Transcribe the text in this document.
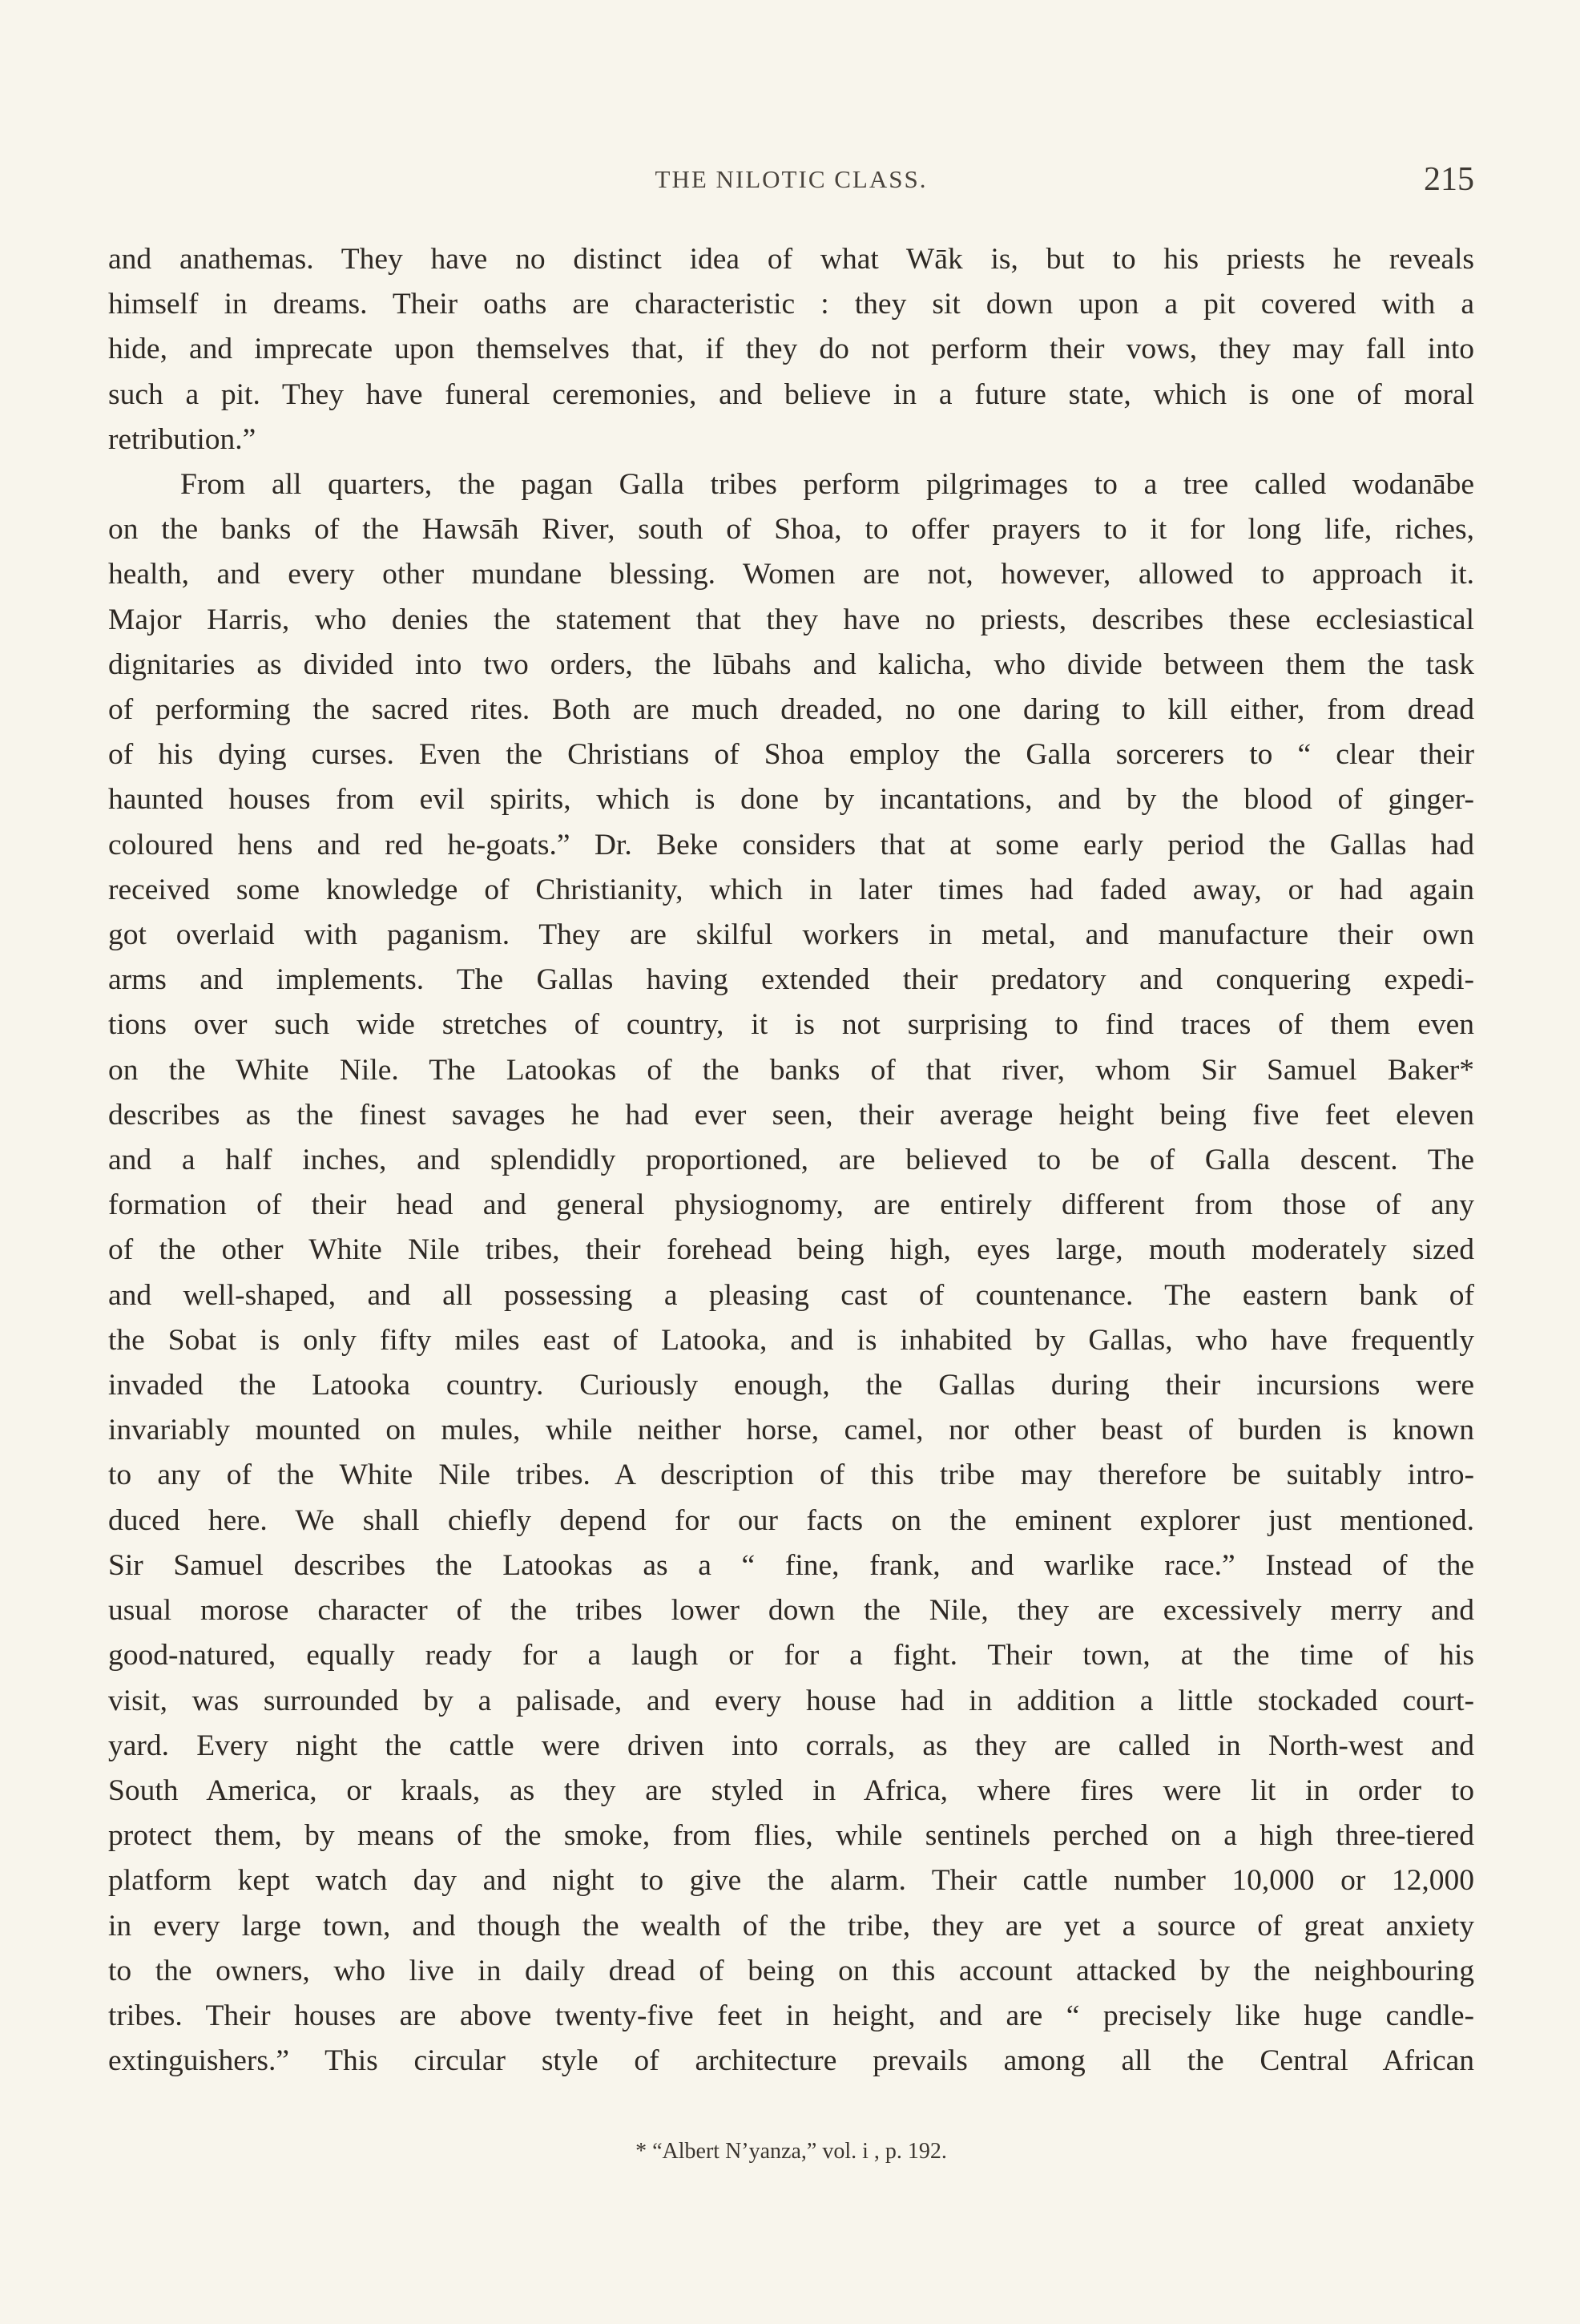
THE NILOTIC CLASS.	215
and anathemas. They have no distinct idea of what Wāk is, but to his priests he reveals
himself in dreams. Their oaths are characteristic : they sit down upon a pit covered with a
hide, and imprecate upon themselves that, if they do not perform their vows, they may fall into
such a pit. They have funeral ceremonies, and believe in a future state, which is one of moral
retribution.”
From all quarters, the pagan Galla tribes perform pilgrimages to a tree called wodanābe
on the banks of the Hawsāh River, south of Shoa, to offer prayers to it for long life, riches,
health, and every other mundane blessing. Women are not, however, allowed to approach it.
Major Harris, who denies the statement that they have no priests, describes these ecclesiastical
dignitaries as divided into two orders, the lūbahs and kalicha, who divide between them the task
of performing the sacred rites. Both are much dreaded, no one daring to kill either, from dread
of his dying curses. Even the Christians of Shoa employ the Galla sorcerers to “ clear their
haunted houses from evil spirits, which is done by incantations, and by the blood of ginger-
coloured hens and red he-goats.” Dr. Beke considers that at some early period the Gallas had
received some knowledge of Christianity, which in later times had faded away, or had again
got overlaid with paganism. They are skilful workers in metal, and manufacture their own
arms and implements. The Gallas having extended their predatory and conquering expedi-
tions over such wide stretches of country, it is not surprising to find traces of them even
on the White Nile. The Latookas of the banks of that river, whom Sir Samuel Baker*
describes as the finest savages he had ever seen, their average height being five feet eleven
and a half inches, and splendidly proportioned, are believed to be of Galla descent. The
formation of their head and general physiognomy, are entirely different from those of any
of the other White Nile tribes, their forehead being high, eyes large, mouth moderately sized
and well-shaped, and all possessing a pleasing cast of countenance. The eastern bank of
the Sobat is only fifty miles east of Latooka, and is inhabited by Gallas, who have frequently
invaded the Latooka country. Curiously enough, the Gallas during their incursions were
invariably mounted on mules, while neither horse, camel, nor other beast of burden is known
to any of the White Nile tribes. A description of this tribe may therefore be suitably intro-
duced here. We shall chiefly depend for our facts on the eminent explorer just mentioned.
Sir Samuel describes the Latookas as a “ fine, frank, and warlike race.” Instead of the
usual morose character of the tribes lower down the Nile, they are excessively merry and
good-natured, equally ready for a laugh or for a fight. Their town, at the time of his
visit, was surrounded by a palisade, and every house had in addition a little stockaded court-
yard. Every night the cattle were driven into corrals, as they are called in North-west and
South America, or kraals, as they are styled in Africa, where fires were lit in order to
protect them, by means of the smoke, from flies, while sentinels perched on a high three-tiered
platform kept watch day and night to give the alarm. Their cattle number 10,000 or 12,000
in every large town, and though the wealth of the tribe, they are yet a source of great anxiety
to the owners, who live in daily dread of being on this account attacked by the neighbouring
tribes. Their houses are above twenty-five feet in height, and are “ precisely like huge candle-
extinguishers.” This circular style of architecture prevails among all the Central African
* “Albert N’yanza,” vol. i , p. 192.
